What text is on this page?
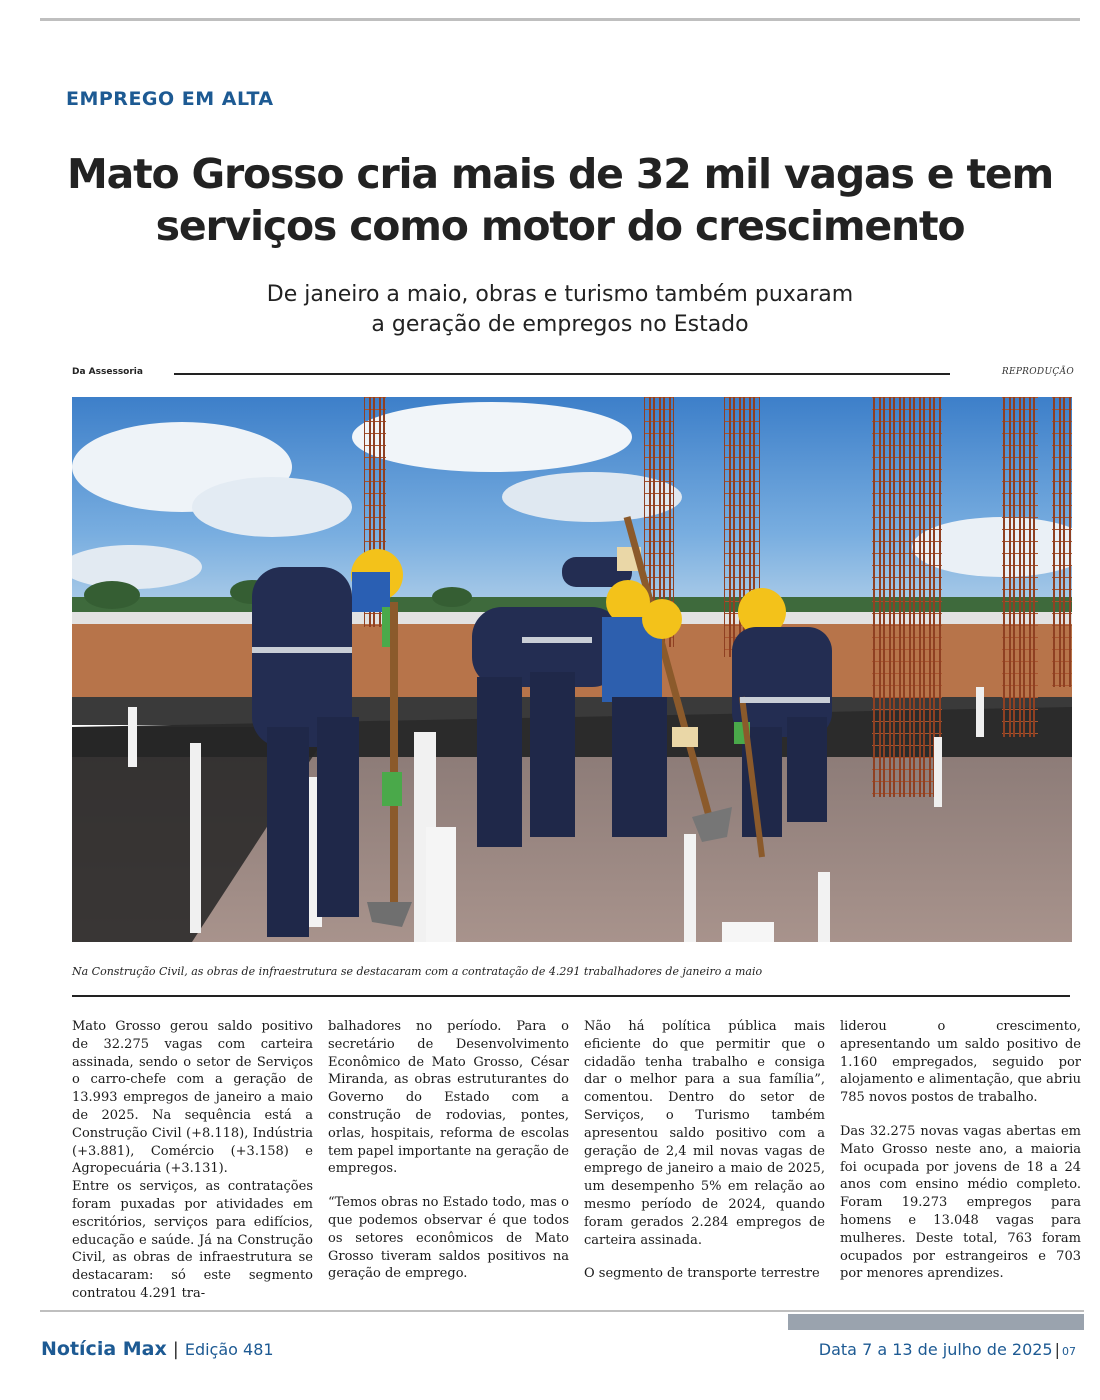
EMPREGO EM ALTA
Mato Grosso cria mais de 32 mil vagas e tem
serviços como motor do crescimento

De janeiro a maio, obras e turismo também puxaram
a geração de empregos no Estado

Da Assessoria	REPRODUÇÃO
Na Construção Civil, as obras de infraestrutura se destacaram com a contratação de 4.291 trabalhadores de janeiro a maio

Mato Grosso gerou saldo positivo de 32.275 vagas com carteira assinada, sendo o setor de Serviços o carro-chefe com a geração de 13.993 empregos de janeiro a maio de 2025. Na sequência está a Construção Civil (+8.118), Indústria (+3.881), Comércio (+3.158) e Agropecuária (+3.131).

Entre os serviços, as contratações foram puxadas por atividades em escritórios, serviços para edifícios, educação e saúde. Já na Construção Civil, as obras de infraestrutura se destacaram: só este segmento contratou 4.291 tra-

balhadores no período. Para o secretário de Desenvolvimento Econômico de Mato Grosso, César Miranda, as obras estruturantes do Governo do Estado com a construção de rodovias, pontes, orlas, hospitais, reforma de escolas tem papel importante na geração de empregos.

“Temos obras no Estado todo, mas o que podemos observar é que todos os setores econômicos de Mato Grosso tiveram saldos positivos na geração de emprego.

Não há política pública mais eficiente do que permitir que o cidadão tenha trabalho e consiga dar o melhor para a sua família”, comentou. Dentro do setor de Serviços, o Turismo também apresentou saldo positivo com a geração de 2,4 mil novas vagas de emprego de janeiro a maio de 2025, um desempenho 5% em relação ao mesmo período de 2024, quando foram gerados 2.284 empregos de carteira assinada.

O segmento de transporte terrestre

liderou o crescimento, apresentando um saldo positivo de 1.160 empregados, seguido por alojamento e alimentação, que abriu 785 novos postos de trabalho.

Das 32.275 novas vagas abertas em Mato Grosso neste ano, a maioria foi ocupada por jovens de 18 a 24 anos com ensino médio completo. Foram 19.273 empregos para homens e 13.048 vagas para mulheres. Deste total, 763 foram ocupados por estrangeiros e 703 por menores aprendizes.

Notícia Max | Edição 481	Data 7 a 13 de julho de 2025 | 07
